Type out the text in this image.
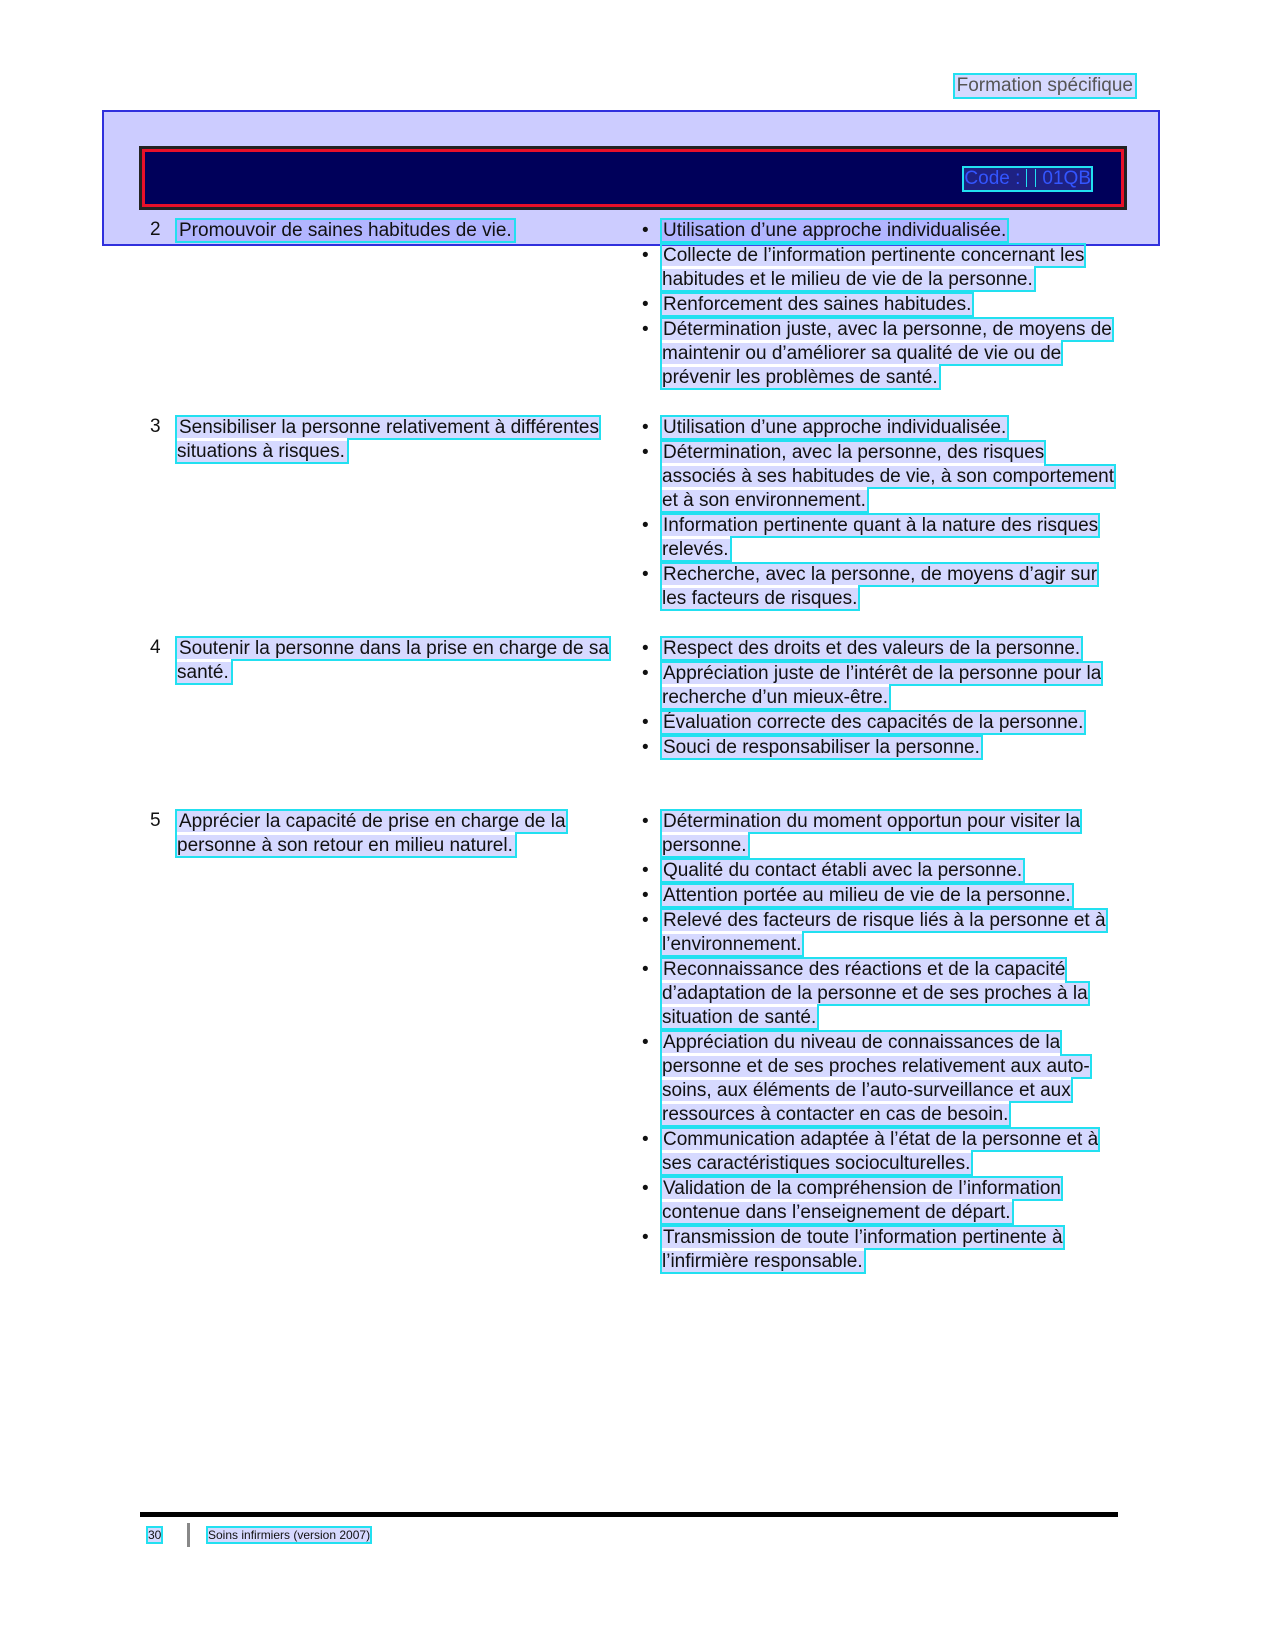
Formation spécifique
Code : 01QB
2 Promouvoir de saines habitudes de vie.
•	Utilisation d’une approche individualisée.
• Collecte de l’information pertinente concernant les habitudes et le milieu de vie de la personne.
• Renforcement des saines habitudes.
• Détermination juste, avec la personne, de moyens de maintenir ou d’améliorer sa qualité de vie ou de prévenir les problèmes de santé.
3 Sensibiliser la personne relativement à différentes situations à risques.
• Utilisation d’une approche individualisée.
• Détermination, avec la personne, des risques associés à ses habitudes de vie, à son comportement et à son environnement.
• Information pertinente quant à la nature des risques relevés.
• Recherche, avec la personne, de moyens d’agir sur les facteurs de risques.
4 Soutenir la personne dans la prise en charge de sa santé.
• Respect des droits et des valeurs de la personne.
• Appréciation juste de l’intérêt de la personne pour la recherche d’un mieux-être.
• Évaluation correcte des capacités de la personne.
• Souci de responsabiliser la personne.
5 Apprécier la capacité de prise en charge de la personne à son retour en milieu naturel.
• Détermination du moment opportun pour visiter la personne.
• Qualité du contact établi avec la personne.
• Attention portée au milieu de vie de la personne.
• Relevé des facteurs de risque liés à la personne et à l’environnement.
• Reconnaissance des réactions et de la capacité d’adaptation de la personne et de ses proches à la situation de santé.
• Appréciation du niveau de connaissances de la personne et de ses proches relativement aux auto-soins, aux éléments de l’auto-surveillance et aux ressources à contacter en cas de besoin.
• Communication adaptée à l’état de la personne et à ses caractéristiques socioculturelles.
• Validation de la compréhension de l’information contenue dans l’enseignement de départ.
• Transmission de toute l’information pertinente à l’infirmière responsable.
30	Soins infirmiers (version 2007)
